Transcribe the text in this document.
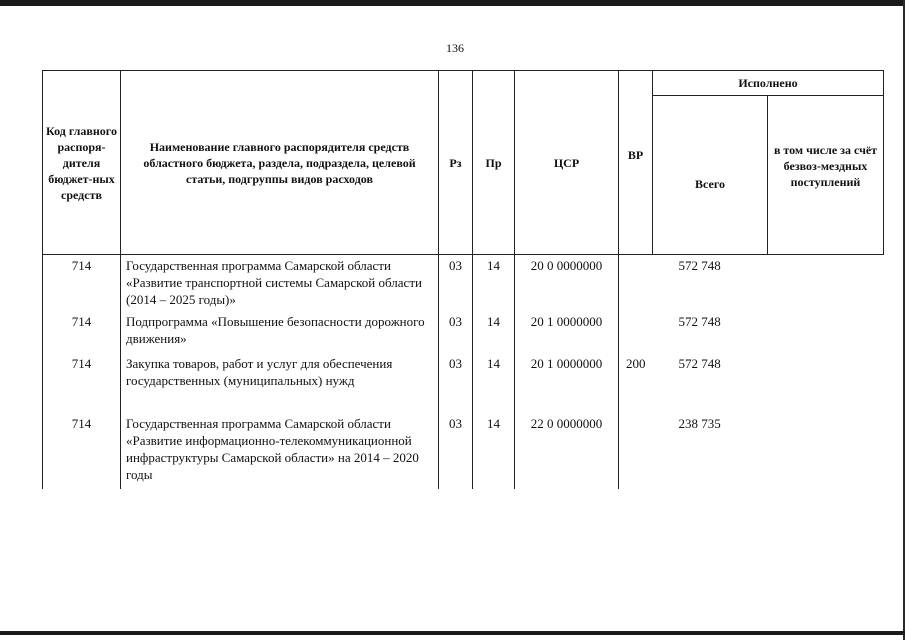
136
Код главного распоря-дителя бюджет-ных средств	Наименование главного распорядителя средств областного бюджета, раздела, подраздела, целевой статьи, подгруппы видов расходов	Рз	Пр	ЦСР	ВР	Исполнено	
						Всего	в том числе за счёт безвоз-мездных поступлений
714	Государственная программа Самарской области «Развитие транспортной системы Самарской области (2014 – 2025 годы)»	03	14	20 0 0000000		572 748	
714	Подпрограмма «Повышение безопасности дорожного движения»	03	14	20 1 0000000		572 748	
714	Закупка товаров, работ и услуг для обеспечения государственных (муниципальных) нужд	03	14	20 1 0000000	200	572 748	
714	Государственная программа Самарской области «Развитие информационно-телекоммуникационной инфраструктуры Самарской области» на 2014 – 2020 годы	03	14	22 0 0000000		238 735	
